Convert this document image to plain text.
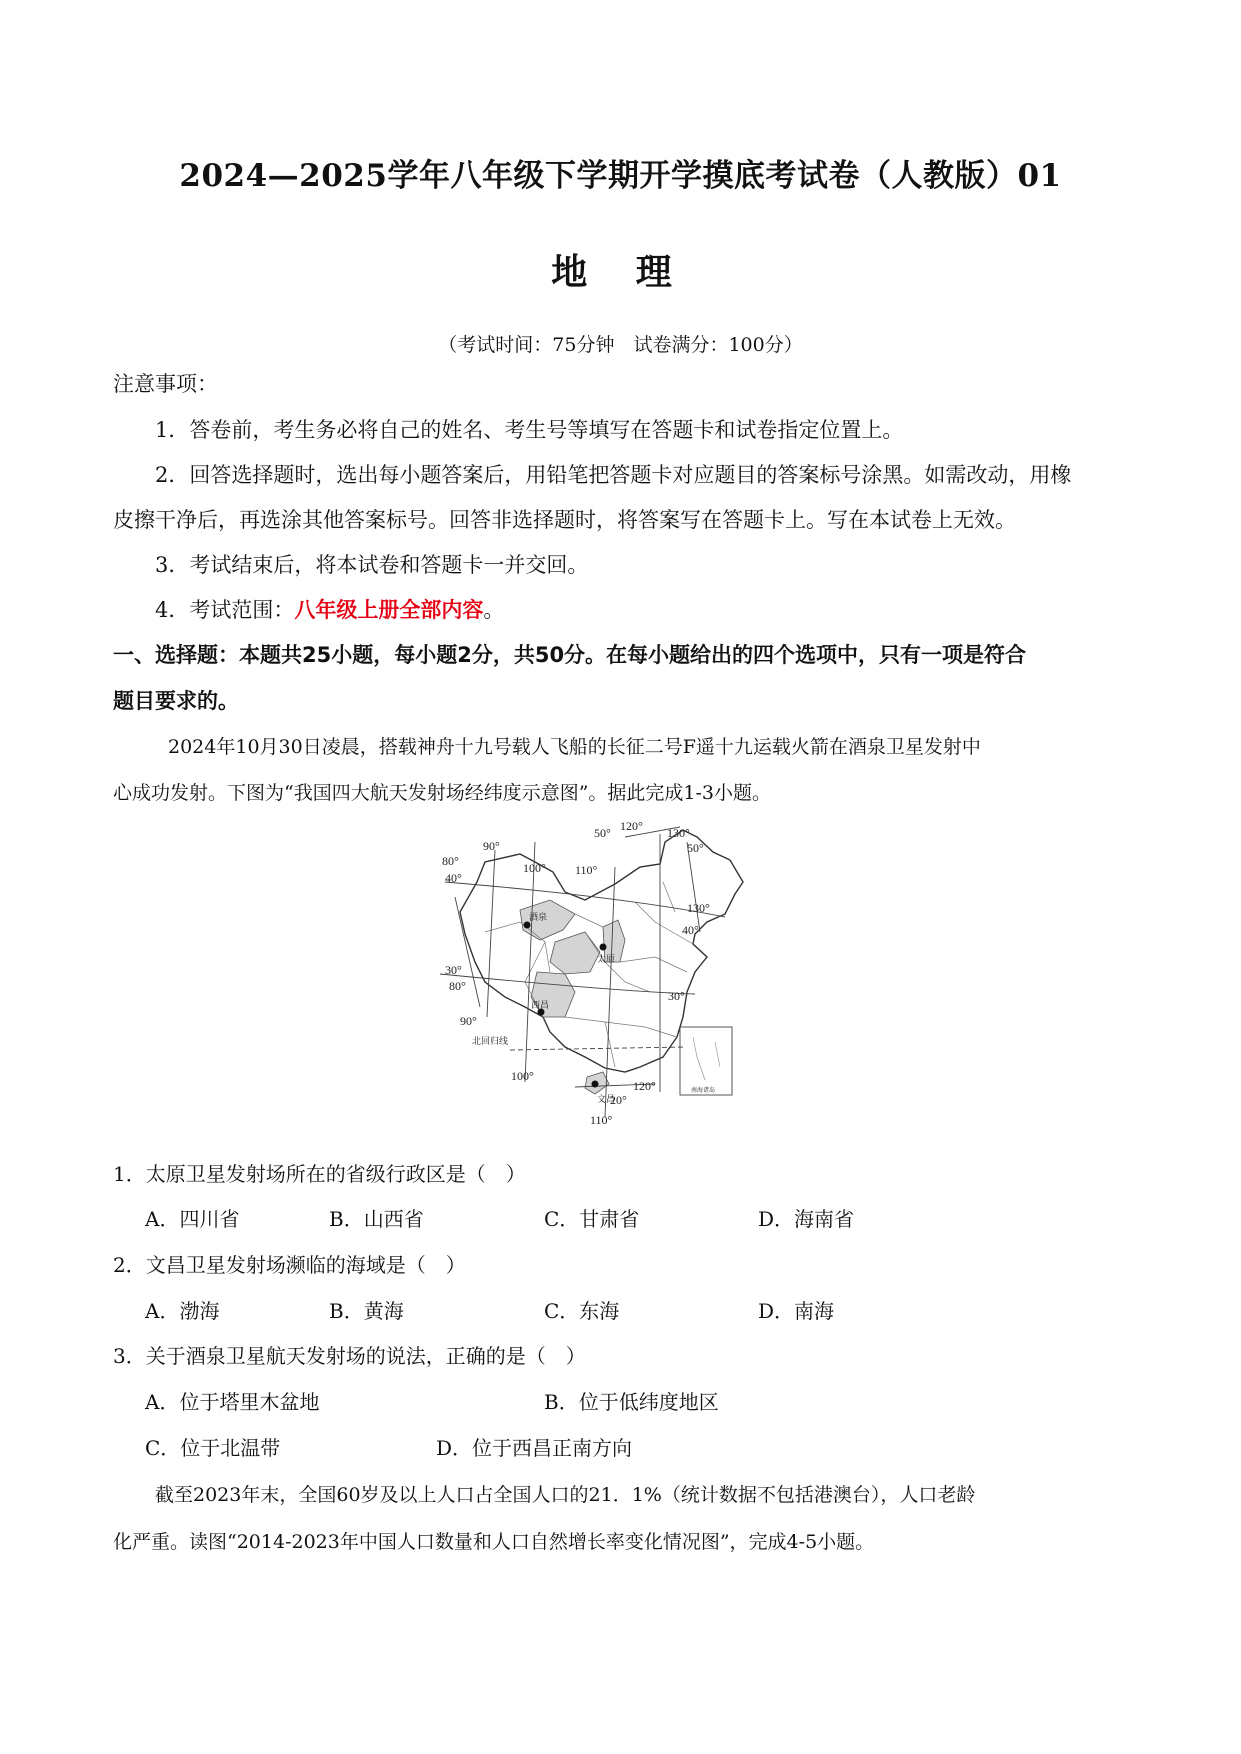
2024—2025学年八年级下学期开学摸底考试卷（人教版）01
地 理
（考试时间：75分钟　试卷满分：100分）
注意事项：
1．答卷前，考生务必将自己的姓名、考生号等填写在答题卡和试卷指定位置上。
2．回答选择题时，选出每小题答案后，用铅笔把答题卡对应题目的答案标号涂黑。如需改动，用橡
皮擦干净后，再选涂其他答案标号。回答非选择题时，将答案写在答题卡上。写在本试卷上无效。
3．考试结束后，将本试卷和答题卡一并交回。
4．考试范围：八年级上册全部内容。
一、选择题：本题共25小题，每小题2分，共50分。在每小题给出的四个选项中，只有一项是符合
题目要求的。
2024年10月30日凌晨，搭载神舟十九号载人飞船的长征二号F遥十九运载火箭在酒泉卫星发射中
心成功发射。下图为“我国四大航天发射场经纬度示意图”。据此完成1-3小题。
40°
40°
30°
30°
50°
50°
20°
80°
80°
90°
90°
100°
100°
110°
110°
120°
120°
130°
130°
酒泉
太原
西昌
文昌
北回归线
南海诸岛
1．太原卫星发射场所在的省级行政区是（　）
A．四川省	B．山西省	C．甘肃省	D．海南省
2．文昌卫星发射场濒临的海域是（　）
A．渤海	B．黄海	C．东海	D．南海
3．关于酒泉卫星航天发射场的说法，正确的是（　）
A．位于塔里木盆地	B．位于低纬度地区
C．位于北温带	D．位于西昌正南方向
截至2023年末，全国60岁及以上人口占全国人口的21．1%（统计数据不包括港澳台），人口老龄
化严重。读图“2014-2023年中国人口数量和人口自然增长率变化情况图”，完成4-5小题。
